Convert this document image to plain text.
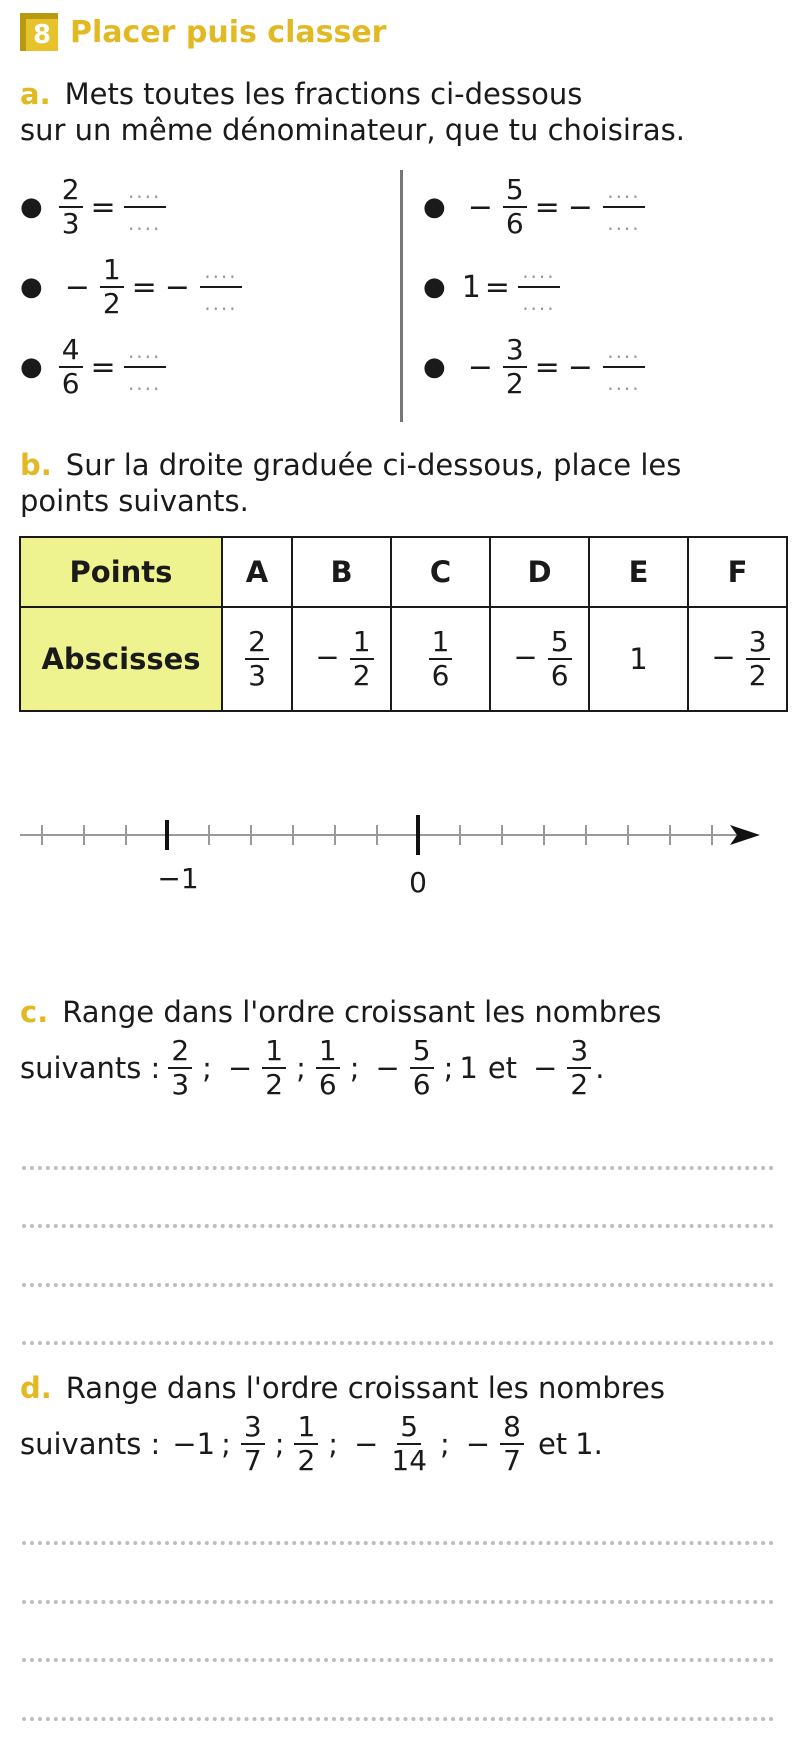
8 Placer puis classer
a. Mets toutes les fractions ci-dessous
sur un même dénominateur, que tu choisiras.
● $\frac{2}{3}$ = ....
....
● − $\frac{1}{2}$ = − ....
....
● $\frac{4}{6}$ = ....
....
● − $\frac{5}{6}$ = − ....
....
● 1 = ....
....
● − $\frac{3}{2}$ = − ....
....
b. Sur la droite graduée ci-dessous, place les
points suivants.
Points	A	B	C	D	E	F
Abscisses	$\frac{2}{3}$	− $\frac{1}{2}$	$\frac{1}{6}$	− $\frac{5}{6}$	1	− $\frac{3}{2}$
−1	0
c. Range dans l'ordre croissant les nombres
suivants : $\frac{2}{3}$ ; − $\frac{1}{2}$ ; $\frac{1}{6}$ ; − $\frac{5}{6}$ ; 1 et − $\frac{3}{2}$ .
d. Range dans l'ordre croissant les nombres
suivants : −1 ; $\frac{3}{7}$ ; $\frac{1}{2}$ ; − $\frac{5}{14}$ ; − $\frac{8}{7}$ et 1.
